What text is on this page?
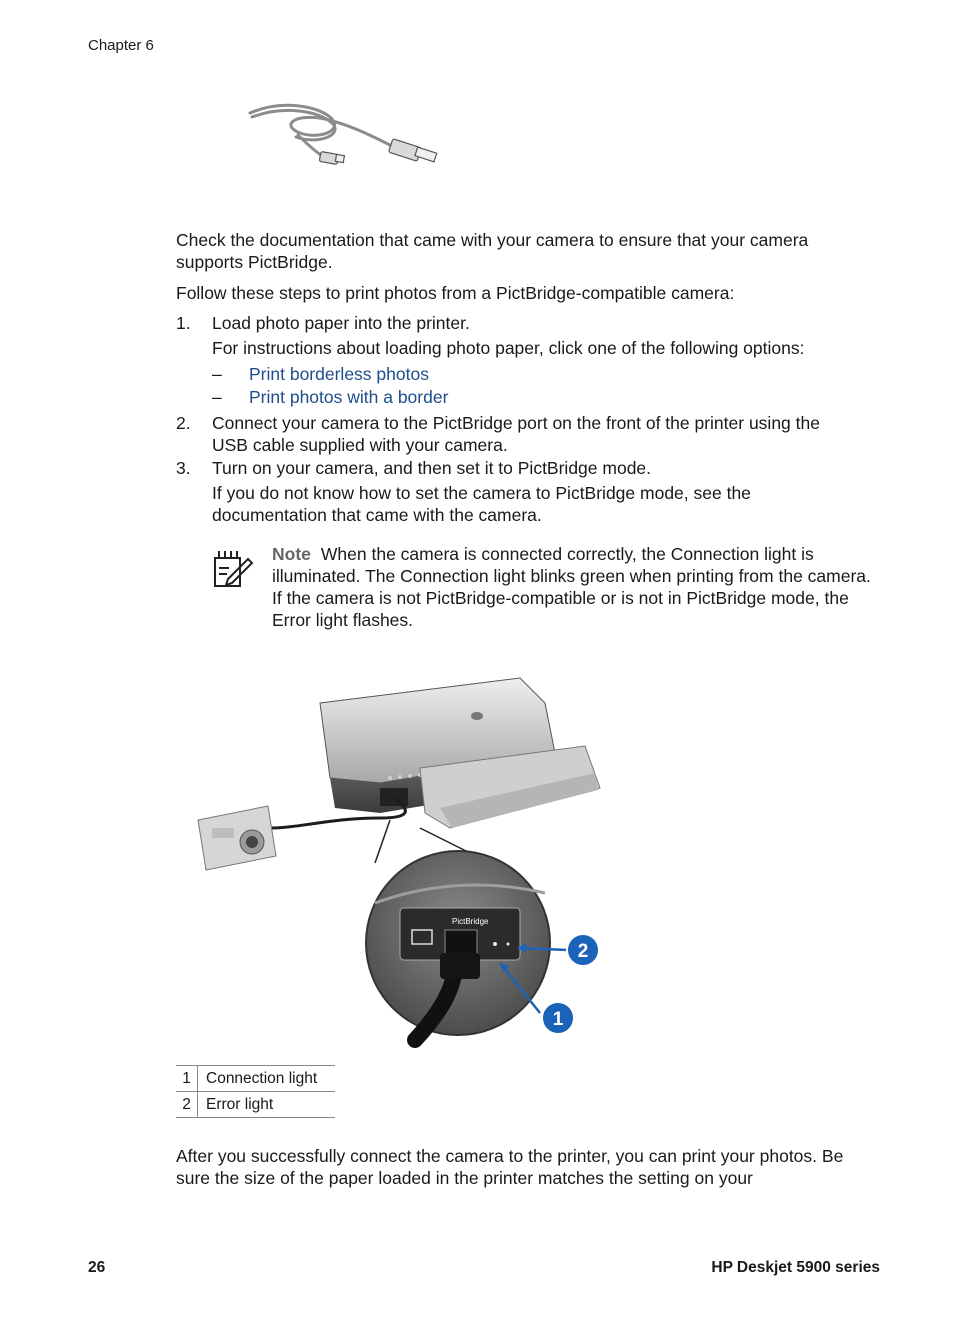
Chapter 6
Check the documentation that came with your camera to ensure that your camera supports PictBridge.
Follow these steps to print photos from a PictBridge-compatible camera:
1.	Load photo paper into the printer.
For instructions about loading photo paper, click one of the following options:
– Print borderless photos
– Print photos with a border
2.	Connect your camera to the PictBridge port on the front of the printer using the USB cable supplied with your camera.
3.	Turn on your camera, and then set it to PictBridge mode.
If you do not know how to set the camera to PictBridge mode, see the documentation that came with the camera.
Note When the camera is connected correctly, the Connection light is illuminated. The Connection light blinks green when printing from the camera. If the camera is not PictBridge-compatible or is not in PictBridge mode, the Error light flashes.
PictBridge
2
1
1	Connection light
2	Error light
After you successfully connect the camera to the printer, you can print your photos. Be sure the size of the paper loaded in the printer matches the setting on your
26	HP Deskjet 5900 series
